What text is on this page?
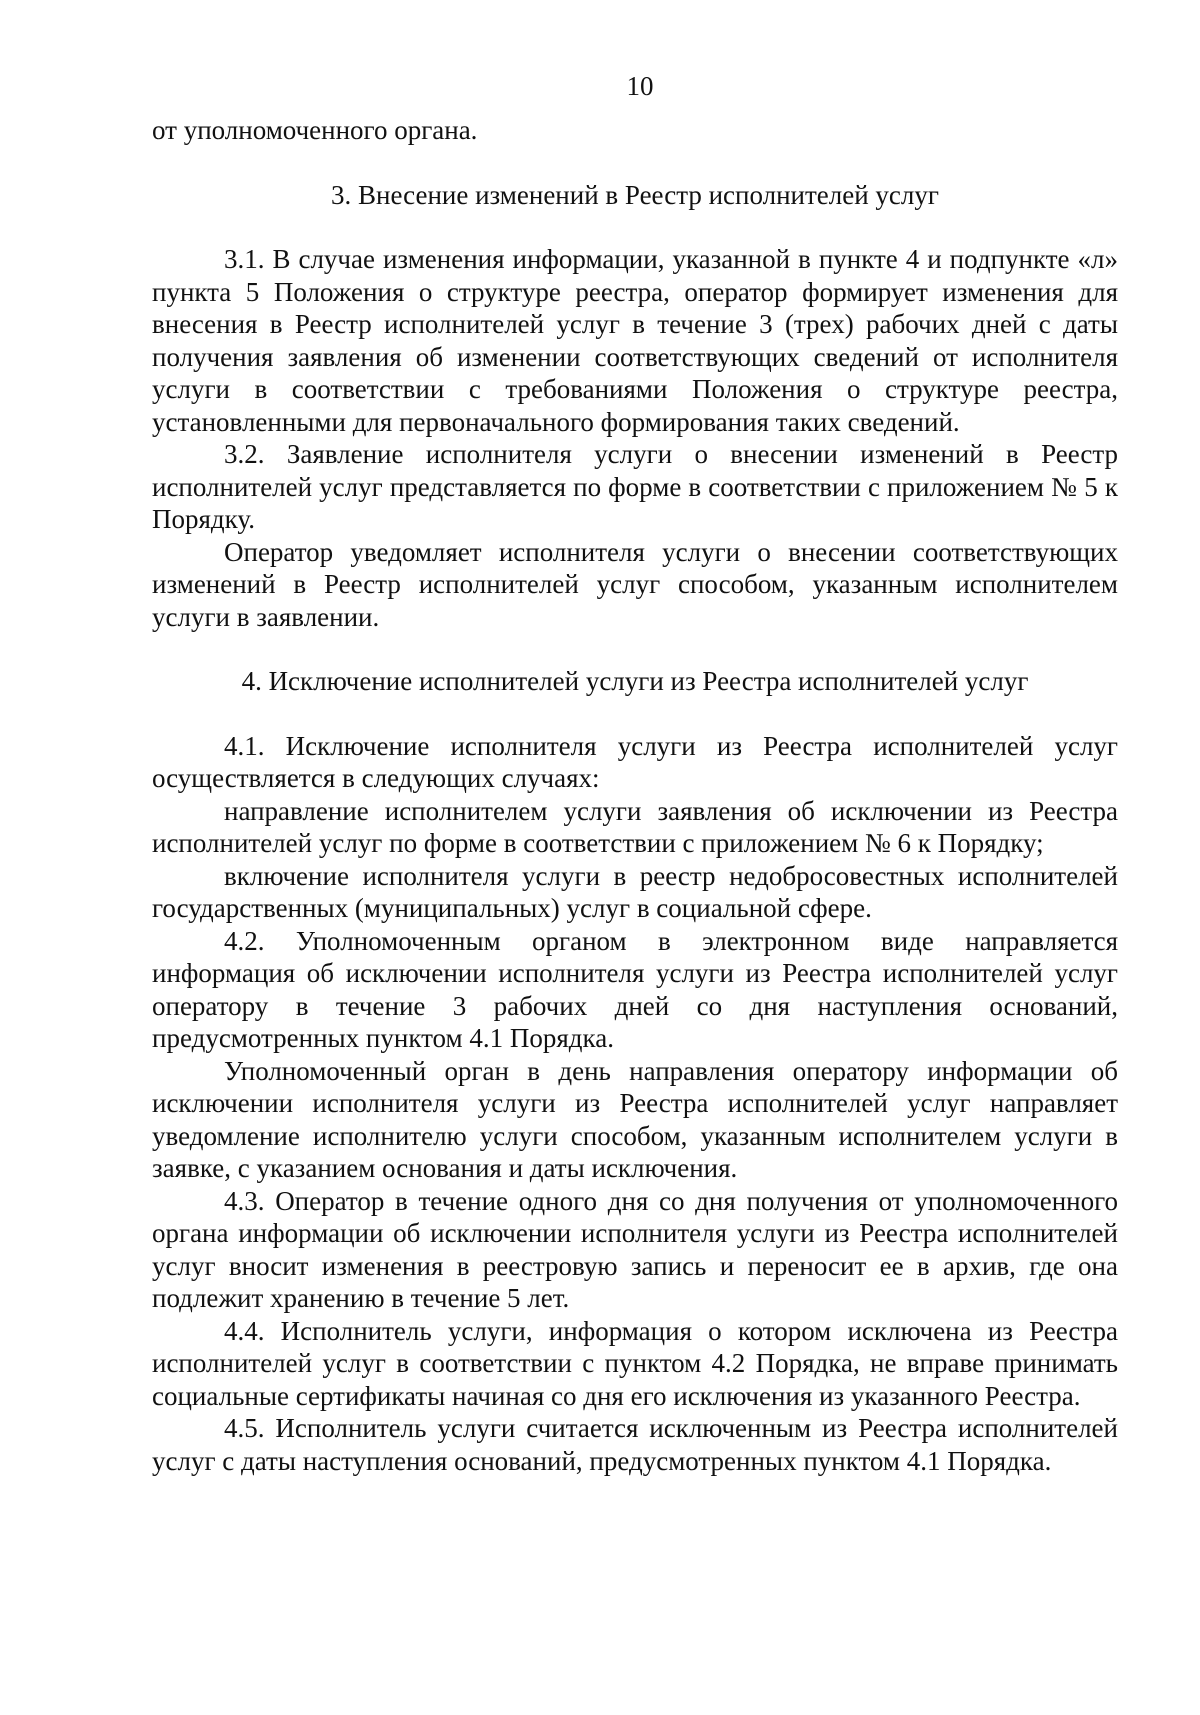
10

от уполномоченного органа.

3. Внесение изменений в Реестр исполнителей услуг

3.1. В случае изменения информации, указанной в пункте 4 и подпункте «л» пункта 5 Положения о структуре реестра, оператор формирует изменения для внесения в Реестр исполнителей услуг в течение 3 (трех) рабочих дней с даты получения заявления об изменении соответствующих сведений от исполнителя услуги в соответствии с требованиями Положения о структуре реестра, установленными для первоначального формирования таких сведений.

3.2. Заявление исполнителя услуги о внесении изменений в Реестр исполнителей услуг представляется по форме в соответствии с приложением № 5 к Порядку.

Оператор уведомляет исполнителя услуги о внесении соответствующих изменений в Реестр исполнителей услуг способом, указанным исполнителем услуги в заявлении.

4. Исключение исполнителей услуги из Реестра исполнителей услуг

4.1. Исключение исполнителя услуги из Реестра исполнителей услуг осуществляется в следующих случаях:

направление исполнителем услуги заявления об исключении из Реестра исполнителей услуг по форме в соответствии с приложением № 6 к Порядку;

включение исполнителя услуги в реестр недобросовестных исполнителей государственных (муниципальных) услуг в социальной сфере.

4.2. Уполномоченным органом в электронном виде направляется информация об исключении исполнителя услуги из Реестра исполнителей услуг оператору в течение 3 рабочих дней со дня наступления оснований, предусмотренных пунктом 4.1 Порядка.

Уполномоченный орган в день направления оператору информации об исключении исполнителя услуги из Реестра исполнителей услуг направляет уведомление исполнителю услуги способом, указанным исполнителем услуги в заявке, с указанием основания и даты исключения.

4.3. Оператор в течение одного дня со дня получения от уполномоченного органа информации об исключении исполнителя услуги из Реестра исполнителей услуг вносит изменения в реестровую запись и переносит ее в архив, где она подлежит хранению в течение 5 лет.

4.4. Исполнитель услуги, информация о котором исключена из Реестра исполнителей услуг в соответствии с пунктом 4.2 Порядка, не вправе принимать социальные сертификаты начиная со дня его исключения из указанного Реестра.

4.5. Исполнитель услуги считается исключенным из Реестра исполнителей услуг с даты наступления оснований, предусмотренных пунктом 4.1 Порядка.
